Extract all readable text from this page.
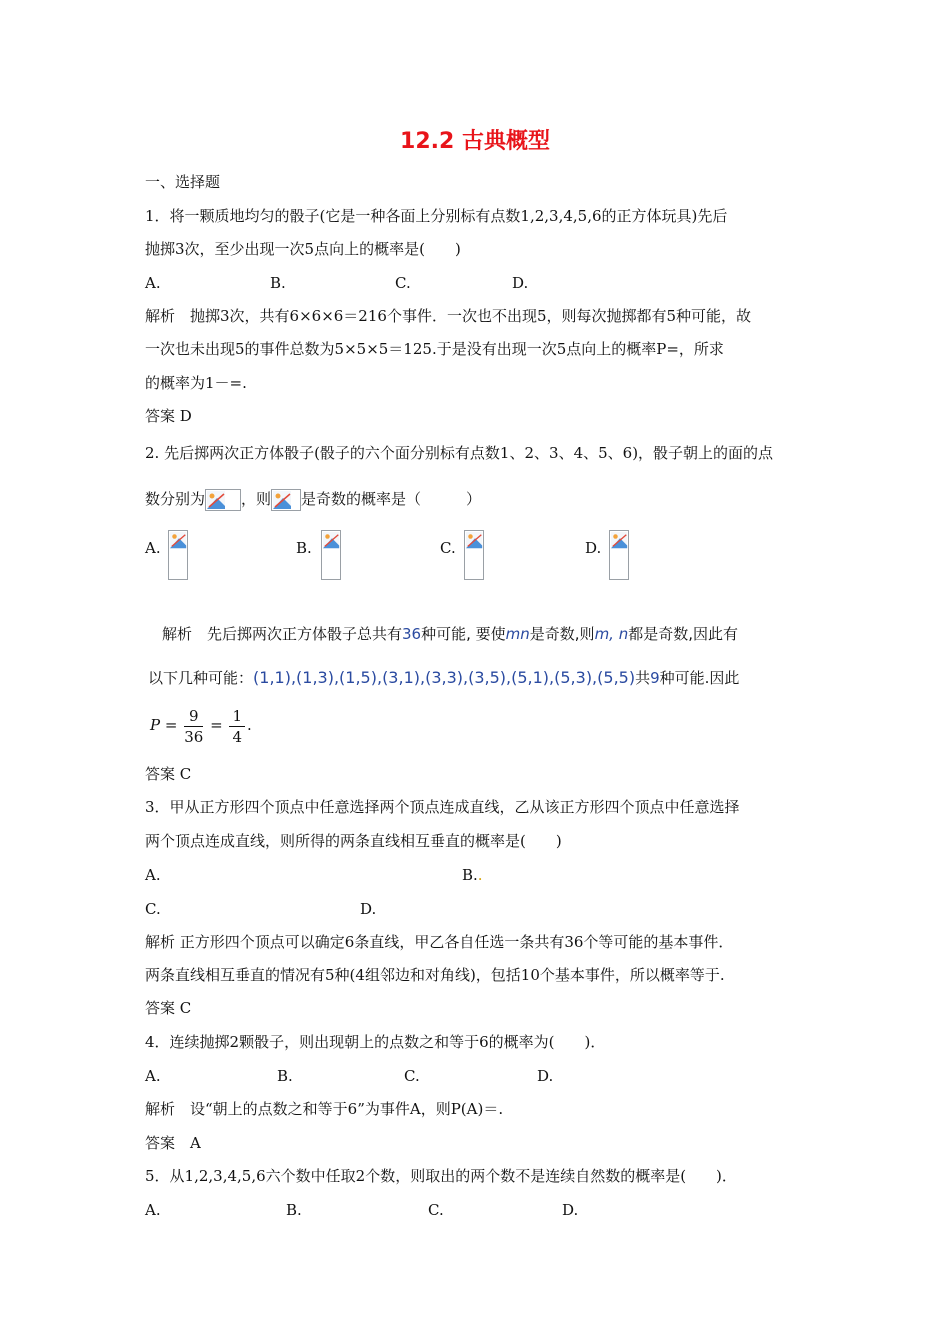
12.2 古典概型
一、选择题
1．将一颗质地均匀的骰子(它是一种各面上分别标有点数1,2,3,4,5,6的正方体玩具)先后
抛掷3次，至少出现一次5点向上的概率是(　　)
A.	B.	C.	D.
解析　抛掷3次，共有6×6×6＝216个事件．一次也不出现5，则每次抛掷都有5种可能，故
一次也未出现5的事件总数为5×5×5＝125.于是没有出现一次5点向上的概率P=，所求
的概率为1－=.
答案 D
2. 先后掷两次正方体骰子(骰子的六个面分别标有点数1、2、3、4、5、6)，骰子朝上的面的点
数分别为 ，则 是奇数的概率是（　　　）
A.	B.	C.	D.
解析　先后掷两次正方体骰子总共有36种可能, 要使mn是奇数,则m, n都是奇数,因此有
以下几种可能：(1,1),(1,3),(1,5),(3,1),(3,3),(3,5),(5,1),(5,3),(5,5)共9种可能.因此
$P = \frac{9}{36} = \frac{1}{4}$ .
答案 C
3．甲从正方形四个顶点中任意选择两个顶点连成直线，乙从该正方形四个顶点中任意选择
两个顶点连成直线，则所得的两条直线相互垂直的概率是(　　)
A.	B..
C.	D.
解析 正方形四个顶点可以确定6条直线，甲乙各自任选一条共有36个等可能的基本事件．
两条直线相互垂直的情况有5种(4组邻边和对角线)，包括10个基本事件，所以概率等于.
答案 C
4．连续抛掷2颗骰子，则出现朝上的点数之和等于6的概率为(　　)．
A.	B.	C.	D.
解析　设“朝上的点数之和等于6”为事件A，则P(A)＝.
答案　A
5．从1,2,3,4,5,6六个数中任取2个数，则取出的两个数不是连续自然数的概率是(　　)．
A.	B.	C.	D.
